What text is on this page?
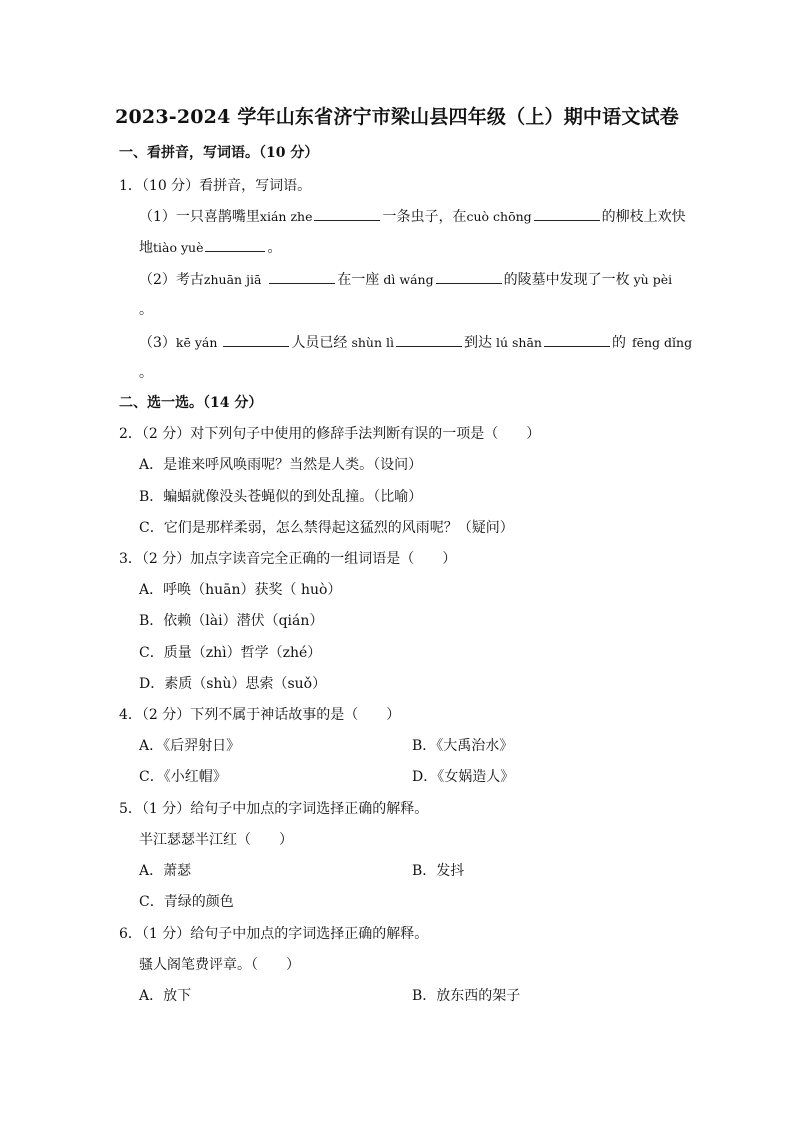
2023-2024 学年山东省济宁市梁山县四年级（上）期中语文试卷
一、看拼音，写词语。（10 分）
1．（10 分）看拼音，写词语。
（1）一只喜鹊嘴里xián zhe	一条虫子，在cuò chōng	的柳枝上欢快
地tiào yuè	。
（2）考古zhuān jiā	在一座 dì wáng	的陵墓中发现了一枚 yù pèi
。
（3）kē yán	人员已经 shùn lì	到达 lú shān	的 fēng dǐng
。
二、选一选。（14 分）
2．（2 分）对下列句子中使用的修辞手法判断有误的一项是（ ）
A．是谁来呼风唤雨呢？当然是人类。（设问）
B．蝙蝠就像没头苍蝇似的到处乱撞。（比喻）
C．它们是那样柔弱，怎么禁得起这猛烈的风雨呢？（疑问）
3．（2 分）加点字读音完全正确的一组词语是（ ）
A．呼唤（huān）获奖（ huò）
B．依赖（lài）潜伏（qián）
C．质量（zhì）哲学（zhé）
D．素质（shù）思索（suǒ）
4．（2 分）下列不属于神话故事的是（ ）
A．《后羿射日》	B．《大禹治水》
C．《小红帽》	D．《女娲造人》
5．（1 分）给句子中加点的字词选择正确的解释。
半江瑟瑟半江红（ ）
A．萧瑟	B．发抖
C．青绿的颜色
6．（1 分）给句子中加点的字词选择正确的解释。
骚人阁笔费评章。（ ）
A．放下	B．放东西的架子
